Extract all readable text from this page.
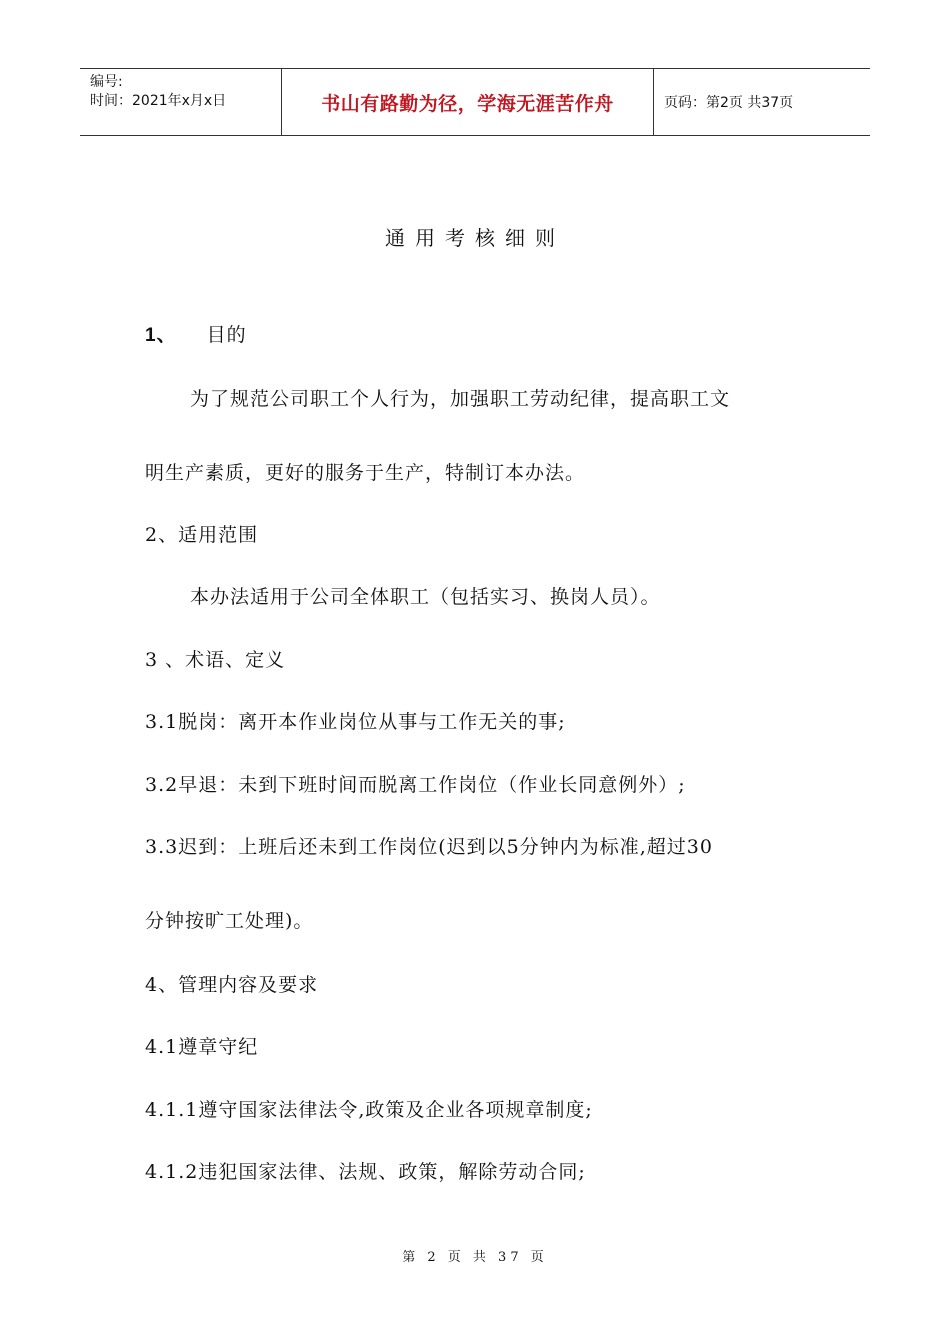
编号:
时间：2021年x月x日	书山有路勤为径，学海无涯苦作舟	页码：第2页 共37页
通用考核细则
1、 目的
为了规范公司职工个人行为，加强职工劳动纪律，提高职工文
明生产素质，更好的服务于生产，特制订本办法。
2、适用范围
本办法适用于公司全体职工（包括实习、换岗人员）。
3 、术语、定义
3.1脱岗：离开本作业岗位从事与工作无关的事;
3.2早退：未到下班时间而脱离工作岗位（作业长同意例外）;
3.3迟到：上班后还未到工作岗位(迟到以5分钟内为标准,超过30
分钟按旷工处理)。
4、管理内容及要求
4.1遵章守纪
4.1.1遵守国家法律法令,政策及企业各项规章制度;
4.1.2违犯国家法律、法规、政策，解除劳动合同;
第 2 页 共 37 页
